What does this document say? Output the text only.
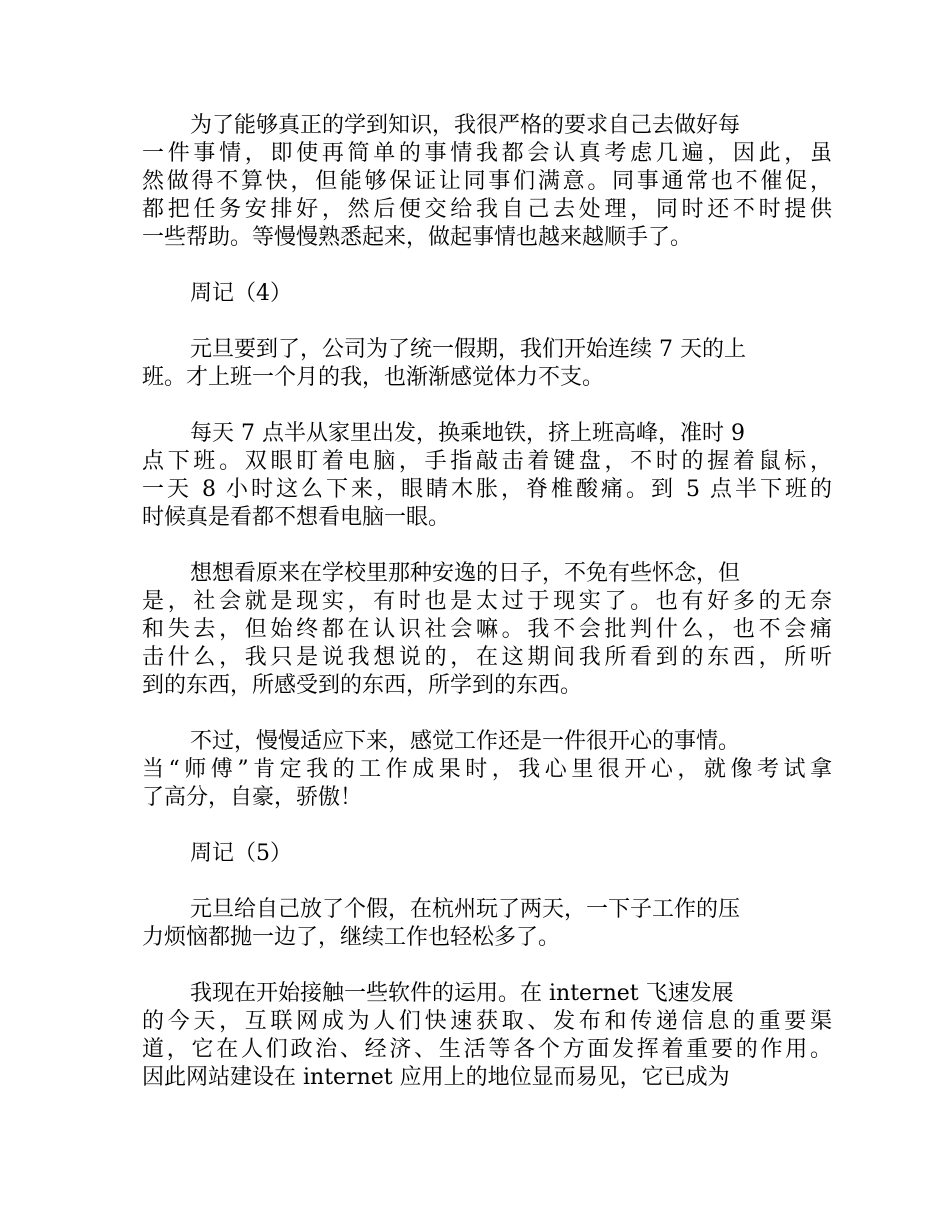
为了能够真正的学到知识，我很严格的要求自己去做好每
一件事情，即使再简单的事情我都会认真考虑几遍，因此，虽
然做得不算快，但能够保证让同事们满意。同事通常也不催促，
都把任务安排好，然后便交给我自己去处理，同时还不时提供
一些帮助。等慢慢熟悉起来，做起事情也越来越顺手了。
周记（4）
元旦要到了，公司为了统一假期，我们开始连续 7 天的上
班。才上班一个月的我，也渐渐感觉体力不支。
每天 7 点半从家里出发，换乘地铁，挤上班高峰，准时 9
点下班。双眼盯着电脑，手指敲击着键盘，不时的握着鼠标，
一天 8 小时这么下来，眼睛木胀，脊椎酸痛。到 5 点半下班的
时候真是看都不想看电脑一眼。
想想看原来在学校里那种安逸的日子，不免有些怀念，但
是，社会就是现实，有时也是太过于现实了。也有好多的无奈
和失去，但始终都在认识社会嘛。我不会批判什么，也不会痛
击什么，我只是说我想说的，在这期间我所看到的东西，所听
到的东西，所感受到的东西，所学到的东西。
不过，慢慢适应下来，感觉工作还是一件很开心的事情。
当“师傅”肯定我的工作成果时，我心里很开心，就像考试拿
了高分，自豪，骄傲！
周记（5）
元旦给自己放了个假，在杭州玩了两天，一下子工作的压
力烦恼都抛一边了，继续工作也轻松多了。
我现在开始接触一些软件的运用。在 internet 飞速发展
的今天，互联网成为人们快速获取、发布和传递信息的重要渠
道，它在人们政治、经济、生活等各个方面发挥着重要的作用。
因此网站建设在 internet 应用上的地位显而易见，它已成为
